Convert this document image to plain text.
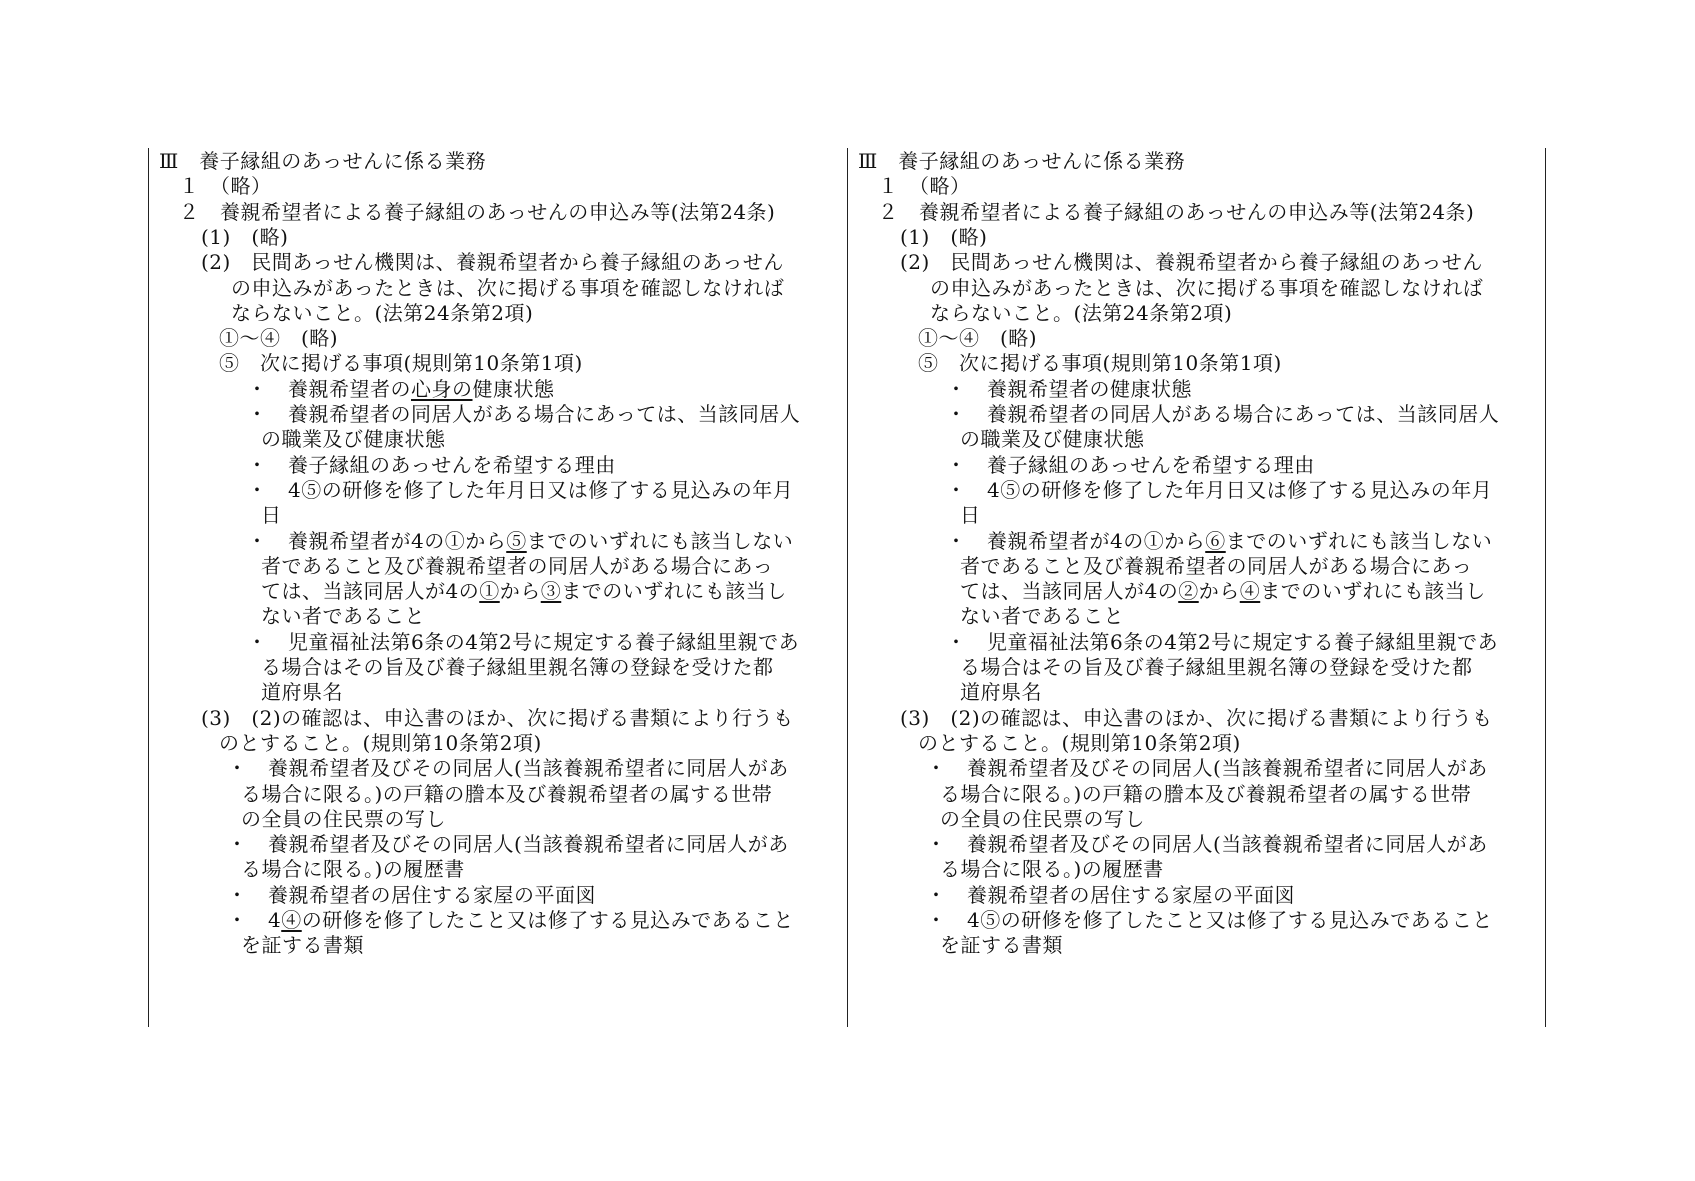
Ⅲ　養子縁組のあっせんに係る業務
１　（略）
２　養親希望者による養子縁組のあっせんの申込み等(法第24条)
(1)　(略)
(2)　民間あっせん機関は、養親希望者から養子縁組のあっせん
の申込みがあったときは、次に掲げる事項を確認しなければ
ならないこと。(法第24条第2項)
①～④　(略)
⑤　次に掲げる事項(規則第10条第1項)
・　養親希望者の心身の健康状態
・　養親希望者の同居人がある場合にあっては、当該同居人
の職業及び健康状態
・　養子縁組のあっせんを希望する理由
・　4⑤の研修を修了した年月日又は修了する見込みの年月
日
・　養親希望者が4の①から⑤までのいずれにも該当しない
者であること及び養親希望者の同居人がある場合にあっ
ては、当該同居人が4の①から③までのいずれにも該当し
ない者であること
・　児童福祉法第6条の4第2号に規定する養子縁組里親であ
る場合はその旨及び養子縁組里親名簿の登録を受けた都
道府県名
(3)　(2)の確認は、申込書のほか、次に掲げる書類により行うも
のとすること。(規則第10条第2項)
・　養親希望者及びその同居人(当該養親希望者に同居人があ
る場合に限る。)の戸籍の謄本及び養親希望者の属する世帯
の全員の住民票の写し
・　養親希望者及びその同居人(当該養親希望者に同居人があ
る場合に限る。)の履歴書
・　養親希望者の居住する家屋の平面図
・　4④の研修を修了したこと又は修了する見込みであること
を証する書類
Ⅲ　養子縁組のあっせんに係る業務
１　（略）
２　養親希望者による養子縁組のあっせんの申込み等(法第24条)
(1)　(略)
(2)　民間あっせん機関は、養親希望者から養子縁組のあっせん
の申込みがあったときは、次に掲げる事項を確認しなければ
ならないこと。(法第24条第2項)
①～④　(略)
⑤　次に掲げる事項(規則第10条第1項)
・　養親希望者の健康状態
・　養親希望者の同居人がある場合にあっては、当該同居人
の職業及び健康状態
・　養子縁組のあっせんを希望する理由
・　4⑤の研修を修了した年月日又は修了する見込みの年月
日
・　養親希望者が4の①から⑥までのいずれにも該当しない
者であること及び養親希望者の同居人がある場合にあっ
ては、当該同居人が4の②から④までのいずれにも該当し
ない者であること
・　児童福祉法第6条の4第2号に規定する養子縁組里親であ
る場合はその旨及び養子縁組里親名簿の登録を受けた都
道府県名
(3)　(2)の確認は、申込書のほか、次に掲げる書類により行うも
のとすること。(規則第10条第2項)
・　養親希望者及びその同居人(当該養親希望者に同居人があ
る場合に限る。)の戸籍の謄本及び養親希望者の属する世帯
の全員の住民票の写し
・　養親希望者及びその同居人(当該養親希望者に同居人があ
る場合に限る。)の履歴書
・　養親希望者の居住する家屋の平面図
・　4⑤の研修を修了したこと又は修了する見込みであること
を証する書類
